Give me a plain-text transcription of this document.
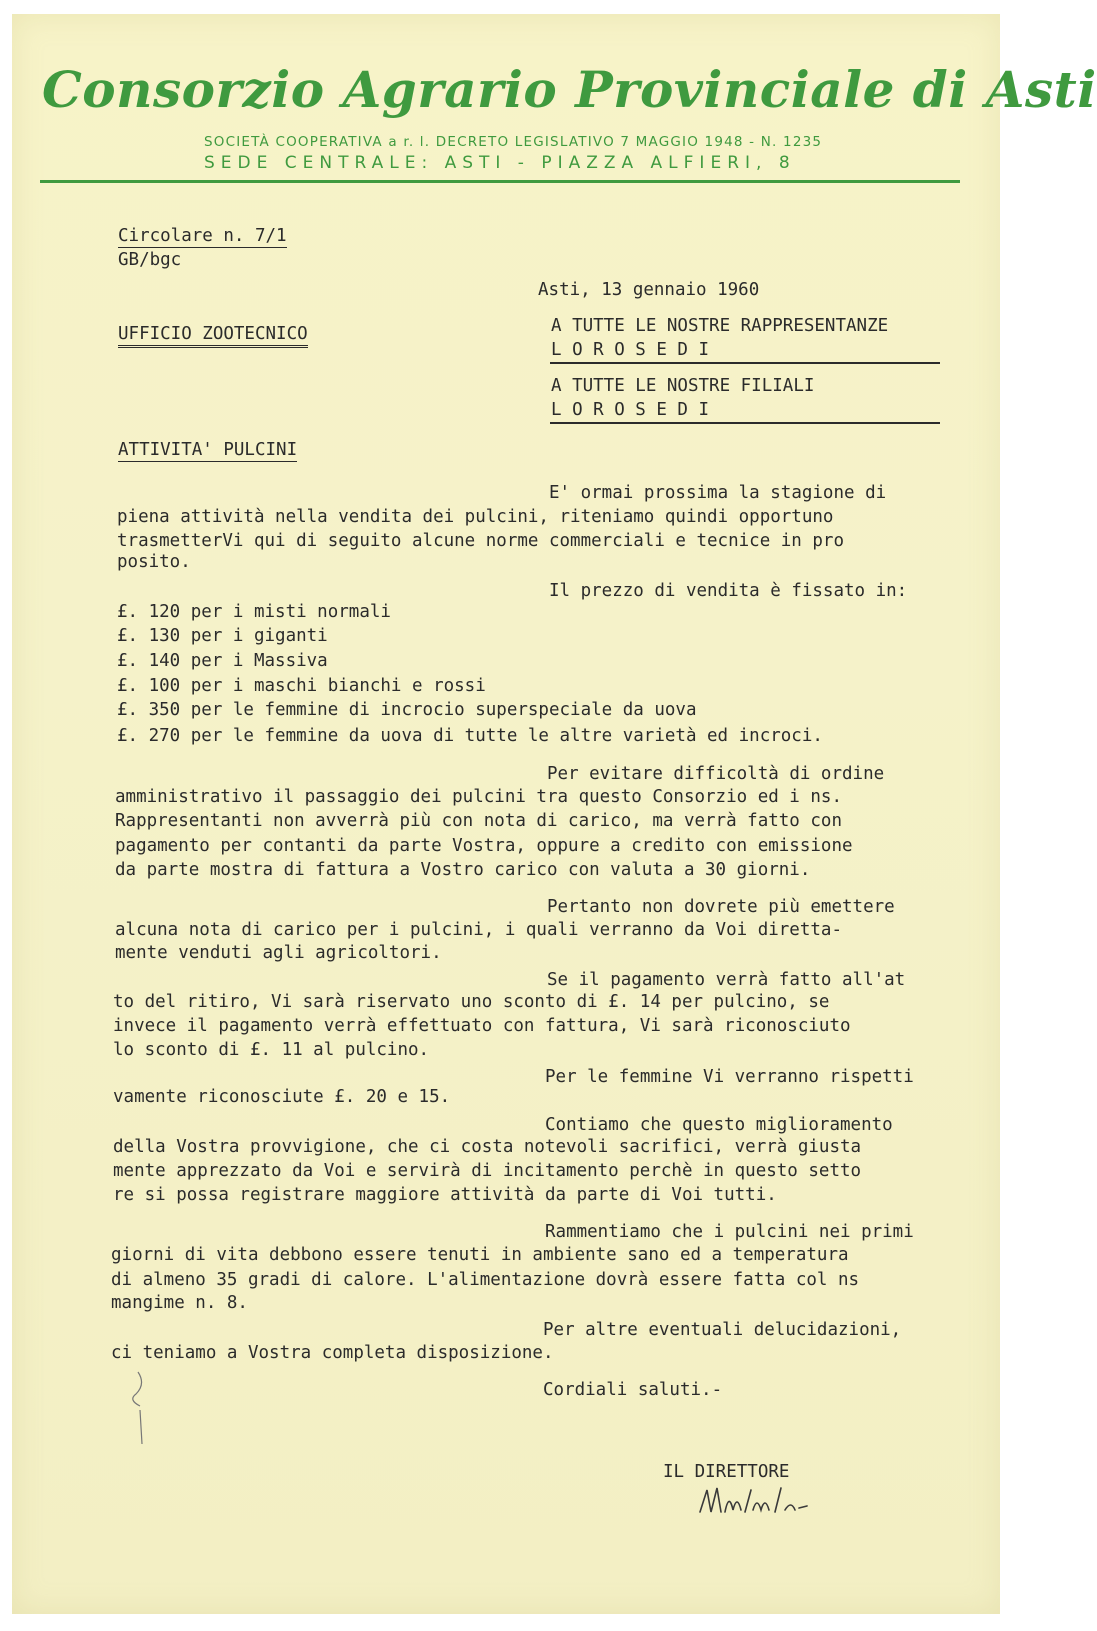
Consorzio Agrario Provinciale di Asti
SOCIETÀ COOPERATIVA a r. l. DECRETO LEGISLATIVO 7 MAGGIO 1948 - N. 1235
SEDE CENTRALE: ASTI - PIAZZA ALFIERI, 8
Circolare n. 7/1
GB/bgc
UFFICIO ZOOTECNICO
ATTIVITA' PULCINI
Asti, 13 gennaio 1960
A TUTTE LE NOSTRE RAPPRESENTANZE
L O R O S E D I
A TUTTE LE NOSTRE FILIALI
L O R O S E D I
E' ormai prossima la stagione di
piena attività nella vendita dei pulcini, riteniamo quindi opportuno
trasmetterVi qui di seguito alcune norme commerciali e tecnice in pro
posito.
Il prezzo di vendita è fissato in:
£. 120 per i misti normali
£. 130 per i giganti
£. 140 per i Massiva
£. 100 per i maschi bianchi e rossi
£. 350 per le femmine di incrocio superspeciale da uova
£. 270 per le femmine da uova di tutte le altre varietà ed incroci.
Per evitare difficoltà di ordine
amministrativo il passaggio dei pulcini tra questo Consorzio ed i ns.
Rappresentanti non avverrà più con nota di carico, ma verrà fatto con
pagamento per contanti da parte Vostra, oppure a credito con emissione
da parte mostra di fattura a Vostro carico con valuta a 30 giorni.
Pertanto non dovrete più emettere
alcuna nota di carico per i pulcini, i quali verranno da Voi diretta-
mente venduti agli agricoltori.
Se il pagamento verrà fatto all'at
to del ritiro, Vi sarà riservato uno sconto di £. 14 per pulcino, se
invece il pagamento verrà effettuato con fattura, Vi sarà riconosciuto
lo sconto di £. 11 al pulcino.
Per le femmine Vi verranno rispetti
vamente riconosciute £. 20 e 15.
Contiamo che questo miglioramento
della Vostra provvigione, che ci costa notevoli sacrifici, verrà giusta
mente apprezzato da Voi e servirà di incitamento perchè in questo setto
re si possa registrare maggiore attività da parte di Voi tutti.
Rammentiamo che i pulcini nei primi
giorni di vita debbono essere tenuti in ambiente sano ed a temperatura
di almeno 35 gradi di calore. L'alimentazione dovrà essere fatta col ns
mangime n. 8.
Per altre eventuali delucidazioni,
ci teniamo a Vostra completa disposizione.
Cordiali saluti.-
IL DIRETTORE
